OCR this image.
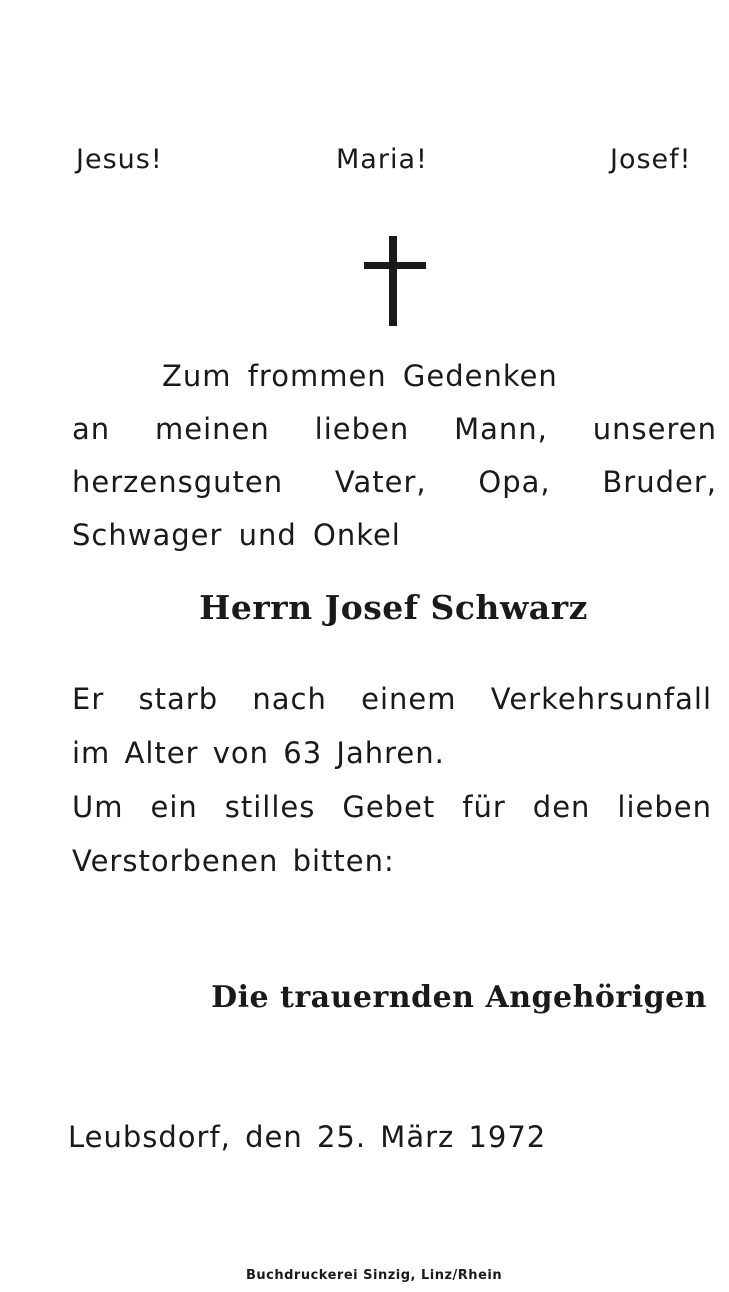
Jesus!	Maria!	Josef!
Zum frommen Gedenken
an meinen lieben Mann, unseren
herzensguten Vater, Opa, Bruder,
Schwager und Onkel
Herrn Josef Schwarz
Er starb nach einem Verkehrsunfall
im Alter von 63 Jahren.
Um ein stilles Gebet für den lieben
Verstorbenen bitten:
Die trauernden Angehörigen
Leubsdorf, den 25. März 1972
Buchdruckerei Sinzig, Linz/Rhein
